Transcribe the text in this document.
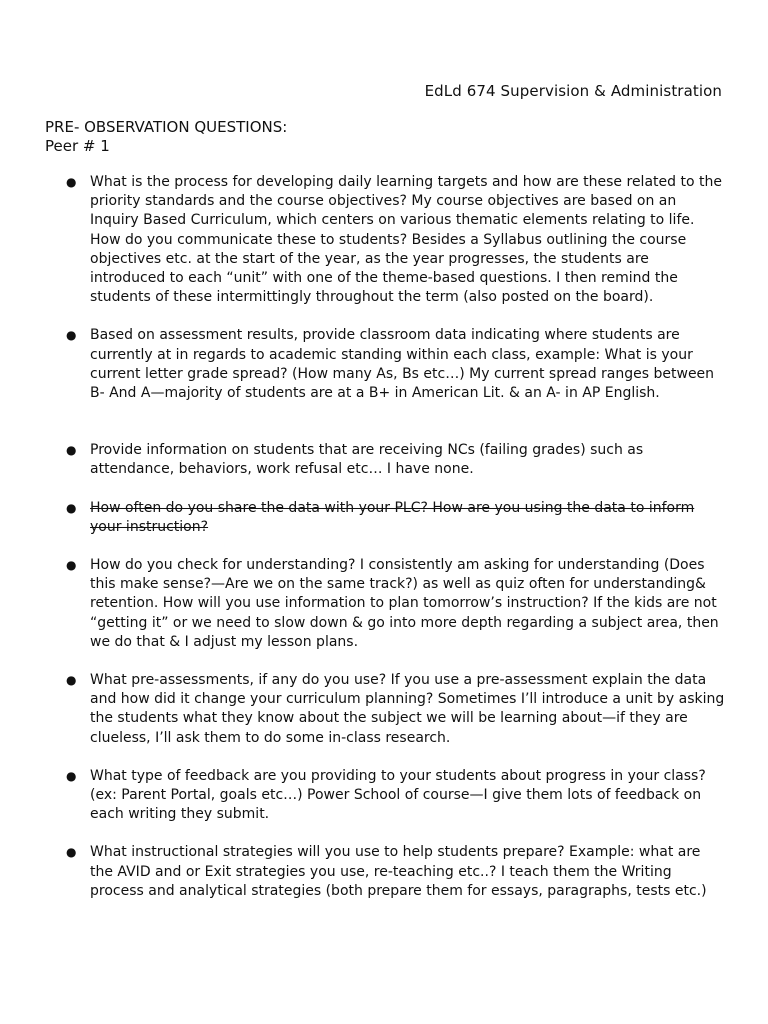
EdLd 674 Supervision & Administration
PRE- OBSERVATION QUESTIONS:
Peer # 1
● What is the process for developing daily learning targets and how are these related to the priority standards and the course objectives? My course objectives are based on an Inquiry Based Curriculum, which centers on various thematic elements relating to life. How do you communicate these to students? Besides a Syllabus outlining the course objectives etc. at the start of the year, as the year progresses, the students are introduced to each “unit” with one of the theme-based questions. I then remind the students of these intermittingly throughout the term (also posted on the board).
● Based on assessment results, provide classroom data indicating where students are currently at in regards to academic standing within each class, example: What is your current letter grade spread? (How many As, Bs etc…) My current spread ranges between B- And A—majority of students are at a B+ in American Lit. & an A- in AP English.
● Provide information on students that are receiving NCs (failing grades) such as attendance, behaviors, work refusal etc… I have none.
● How often do you share the data with your PLC? How are you using the data to inform your instruction?
● How do you check for understanding? I consistently am asking for understanding (Does this make sense?—Are we on the same track?) as well as quiz often for understanding& retention. How will you use information to plan tomorrow’s instruction? If the kids are not “getting it” or we need to slow down & go into more depth regarding a subject area, then we do that & I adjust my lesson plans.
● What pre-assessments, if any do you use? If you use a pre-assessment explain the data and how did it change your curriculum planning? Sometimes I’ll introduce a unit by asking the students what they know about the subject we will be learning about—if they are clueless, I’ll ask them to do some in-class research.
● What type of feedback are you providing to your students about progress in your class? (ex: Parent Portal, goals etc…) Power School of course—I give them lots of feedback on each writing they submit.
● What instructional strategies will you use to help students prepare? Example: what are the AVID and or Exit strategies you use, re-teaching etc..? I teach them the Writing process and analytical strategies (both prepare them for essays, paragraphs, tests etc.)
